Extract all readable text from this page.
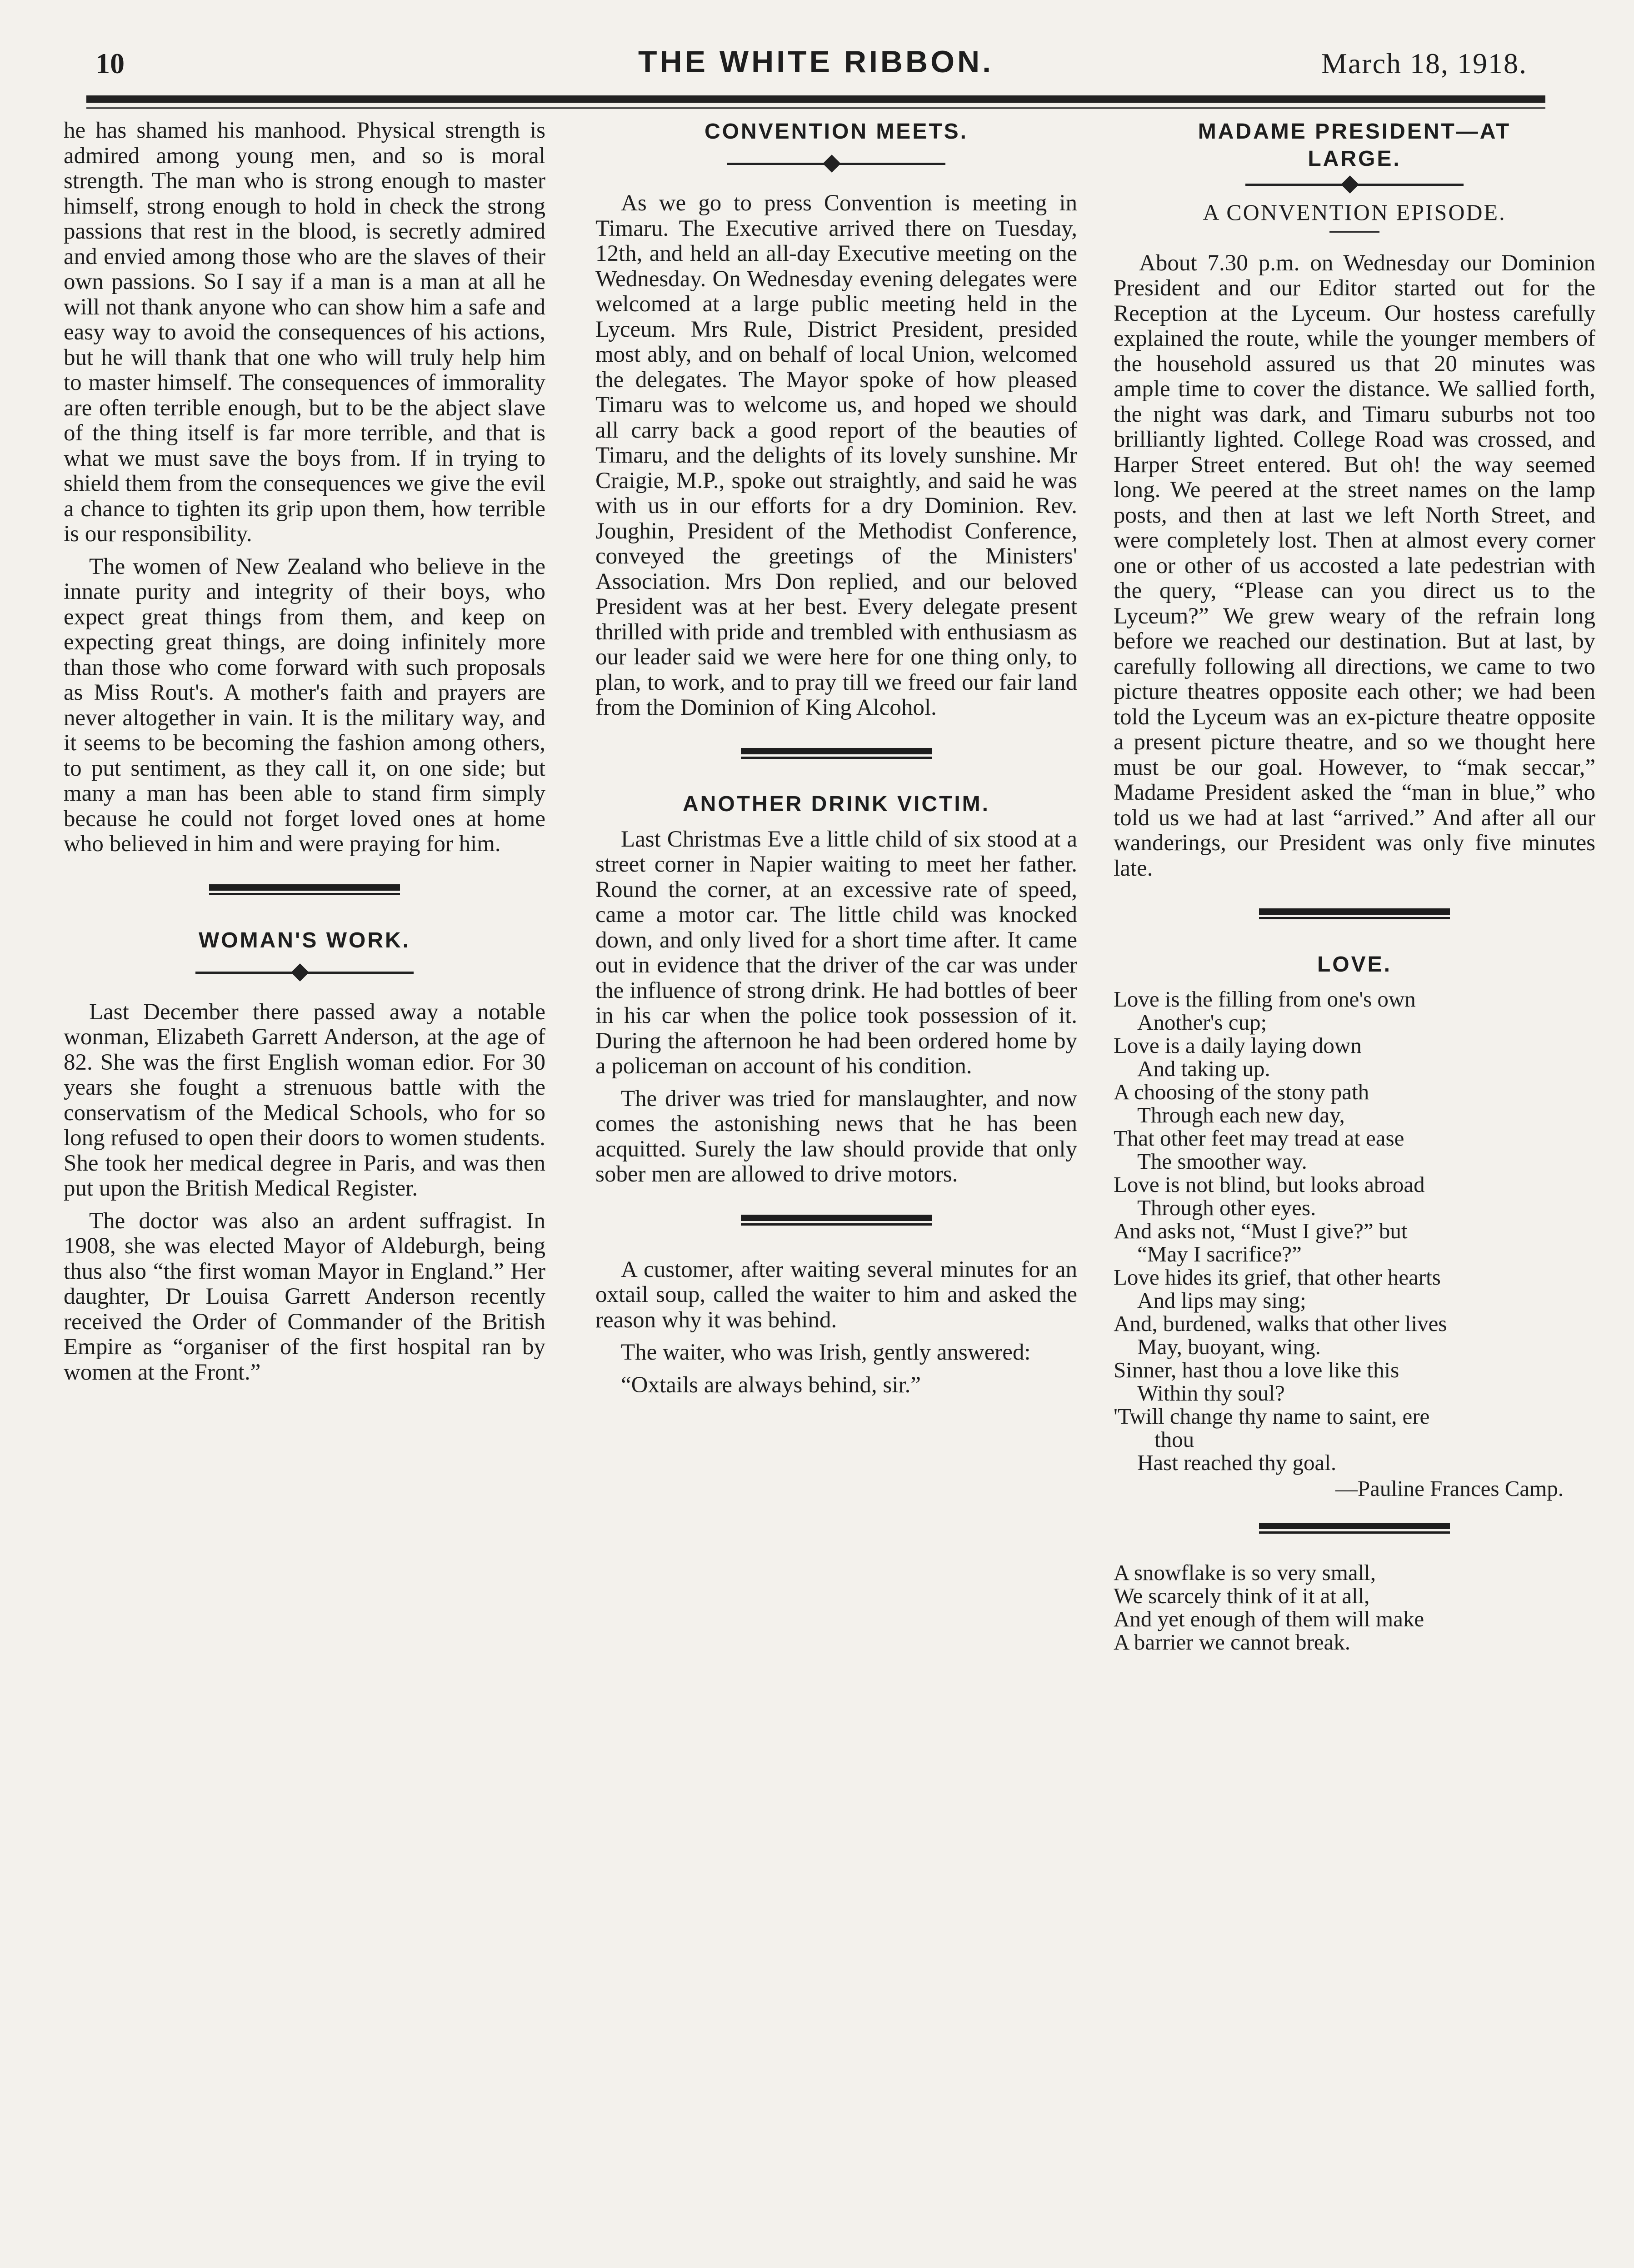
10	THE WHITE RIBBON.	March 18, 1918.

he has shamed his manhood. Physical strength is admired among young men, and so is moral strength. The man who is strong enough to master himself, strong enough to hold in check the strong passions that rest in the blood, is secretly admired and envied among those who are the slaves of their own passions. So I say if a man is a man at all he will not thank anyone who can show him a safe and easy way to avoid the consequences of his actions, but he will thank that one who will truly help him to master himself. The consequences of immorality are often terrible enough, but to be the abject slave of the thing itself is far more terrible, and that is what we must save the boys from. If in trying to shield them from the consequences we give the evil a chance to tighten its grip upon them, how terrible is our responsibility.

The women of New Zealand who believe in the innate purity and integrity of their boys, who expect great things from them, and keep on expecting great things, are doing infinitely more than those who come forward with such proposals as Miss Rout's. A mother's faith and prayers are never altogether in vain. It is the military way, and it seems to be becoming the fashion among others, to put sentiment, as they call it, on one side; but many a man has been able to stand firm simply because he could not forget loved ones at home who believed in him and were praying for him.

WOMAN'S WORK.

Last December there passed away a notable wonman, Elizabeth Garrett Anderson, at the age of 82. She was the first English woman edior. For 30 years she fought a strenuous battle with the conservatism of the Medical Schools, who for so long refused to open their doors to women students. She took her medical degree in Paris, and was then put upon the British Medical Register.

The doctor was also an ardent suffragist. In 1908, she was elected Mayor of Aldeburgh, being thus also “the first woman Mayor in England.” Her daughter, Dr Louisa Garrett Anderson recently received the Order of Commander of the British Empire as “organiser of the first hospital ran by women at the Front.”

CONVENTION MEETS.

As we go to press Convention is meeting in Timaru. The Executive arrived there on Tuesday, 12th, and held an all-day Executive meeting on the Wednesday. On Wednesday evening delegates were welcomed at a large public meeting held in the Lyceum. Mrs Rule, District President, presided most ably, and on behalf of local Union, welcomed the delegates. The Mayor spoke of how pleased Timaru was to welcome us, and hoped we should all carry back a good report of the beauties of Timaru, and the delights of its lovely sunshine. Mr Craigie, M.P., spoke out straightly, and said he was with us in our efforts for a dry Dominion. Rev. Joughin, President of the Methodist Conference, conveyed the greetings of the Ministers' Association. Mrs Don replied, and our beloved President was at her best. Every delegate present thrilled with pride and trembled with enthusiasm as our leader said we were here for one thing only, to plan, to work, and to pray till we freed our fair land from the Dominion of King Alcohol.

ANOTHER DRINK VICTIM.

Last Christmas Eve a little child of six stood at a street corner in Napier waiting to meet her father. Round the corner, at an excessive rate of speed, came a motor car. The little child was knocked down, and only lived for a short time after. It came out in evidence that the driver of the car was under the influence of strong drink. He had bottles of beer in his car when the police took possession of it. During the afternoon he had been ordered home by a policeman on account of his condition.

The driver was tried for manslaughter, and now comes the astonishing news that he has been acquitted. Surely the law should provide that only sober men are allowed to drive motors.

A customer, after waiting several minutes for an oxtail soup, called the waiter to him and asked the reason why it was behind.

The waiter, who was Irish, gently answered:

“Oxtails are always behind, sir.”
MADAME PRESIDENT—AT
LARGE.
A CONVENTION EPISODE.

About 7.30 p.m. on Wednesday our Dominion President and our Editor started out for the Reception at the Lyceum. Our hostess carefully explained the route, while the younger members of the household assured us that 20 minutes was ample time to cover the distance. We sallied forth, the night was dark, and Timaru suburbs not too brilliantly lighted. College Road was crossed, and Harper Street entered. But oh! the way seemed long. We peered at the street names on the lamp posts, and then at last we left North Street, and were completely lost. Then at almost every corner one or other of us accosted a late pedestrian with the query, “Please can you direct us to the Lyceum?” We grew weary of the refrain long before we reached our destination. But at last, by carefully following all directions, we came to two picture theatres opposite each other; we had been told the Lyceum was an ex-picture theatre opposite a present picture theatre, and so we thought here must be our goal. However, to “mak seccar,” Madame President asked the “man in blue,” who told us we had at last “arrived.” And after all our wanderings, our President was only five minutes late.

LOVE.
Love is the filling from one's own
Another's cup;
Love is a daily laying down
And taking up.
A choosing of the stony path
Through each new day,
That other feet may tread at ease
The smoother way.
Love is not blind, but looks abroad
Through other eyes.
And asks not, “Must I give?” but
“May I sacrifice?”
Love hides its grief, that other hearts
And lips may sing;
And, burdened, walks that other lives
May, buoyant, wing.
Sinner, hast thou a love like this
Within thy soul?
'Twill change thy name to saint, ere
thou
Hast reached thy goal.
—Pauline Frances Camp.
A snowflake is so very small,
We scarcely think of it at all,
And yet enough of them will make
A barrier we cannot break.
